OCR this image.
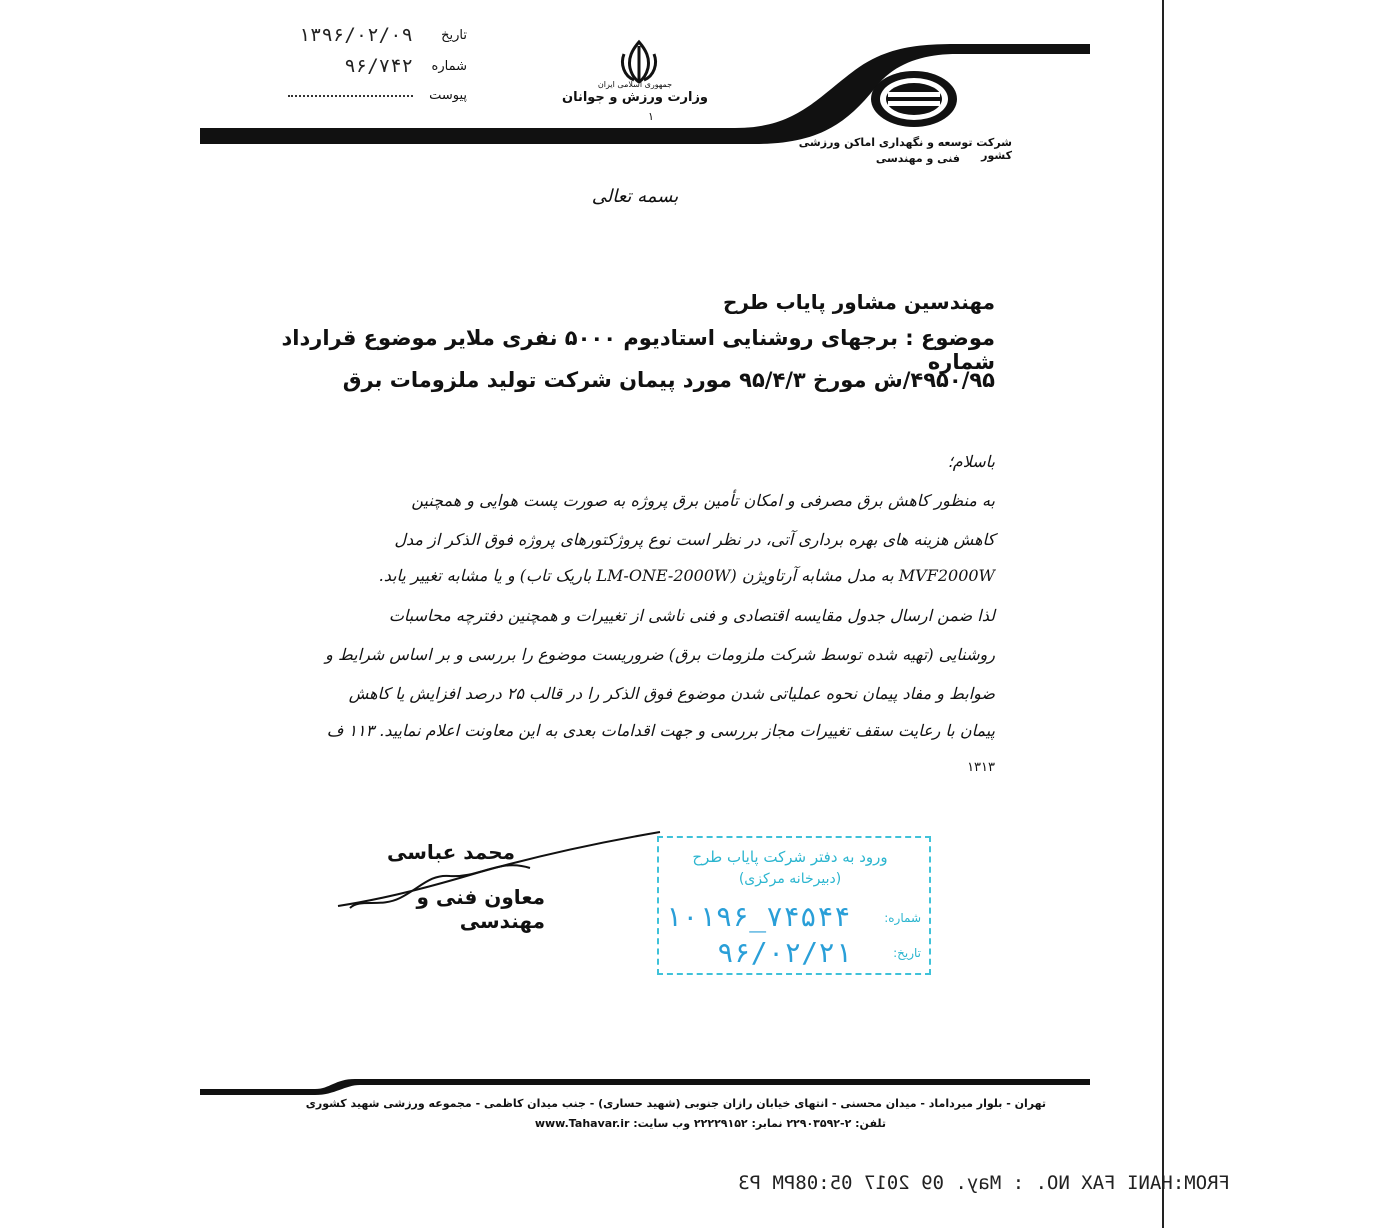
تاریخ
۱۳۹۶/۰۲/۰۹
شماره
۹۶/۷۴۲
پیوست
جمهوری اسلامی ایران
وزارت ورزش و جوانان
۱
شرکت توسعه و نگهداری اماکن ورزشی کشور
فنی و مهندسی
بسمه تعالی
مهندسین مشاور پایاب طرح
موضوع : برجهای روشنایی استادیوم ۵۰۰۰ نفری ملایر موضوع قرارداد شماره
۴۹۵۰/۹۵/ش مورخ ۹۵/۴/۳ مورد پیمان شرکت تولید ملزومات برق
باسلام؛
به منظور کاهش برق مصرفی و امکان تأمین برق پروژه به صورت پست هوایی و همچنین
کاهش هزینه های بهره برداری آتی، در نظر است نوع پروژکتورهای پروژه فوق الذکر از مدل
MVF2000W به مدل مشابه آرتاویژن (LM-ONE-2000W باریک تاب) و یا مشابه تغییر یابد.
لذا ضمن ارسال جدول مقایسه اقتصادی و فنی ناشی از تغییرات و همچنین دفترچه محاسبات
روشنایی (تهیه شده توسط شرکت ملزومات برق) ضروریست موضوع را بررسی و بر اساس شرایط و
ضوابط و مفاد پیمان نحوه عملیاتی شدن موضوع فوق الذکر را در قالب ۲۵ درصد افزایش یا کاهش
پیمان با رعایت سقف تغییرات مجاز بررسی و جهت اقدامات بعدی به این معاونت اعلام نمایید. ۱۱۳ ف
۱۳۱۳
محمد عباسی
معاون فنی و مهندسی
ورود به دفتر شرکت پایاب طرح
(دبیرخانه مرکزی)
شماره:
۱۰۱۹۶_۷۴۵۴۴
تاریخ:
۹۶/۰۲/۲۱
تهران - بلوار میرداماد - میدان محسنی - انتهای خیابان رازان جنوبی (شهید حساری) - جنب میدان کاظمی - مجموعه ورزشی شهید کشوری
تلفن: ۲-۲۲۹۰۳۵۹۲ نمابر: ۲۲۲۲۹۱۵۲ وب سایت: www.Tahavar.ir
FROM:HANI FAX NO. : May. 09 2017 05:08PM P3
